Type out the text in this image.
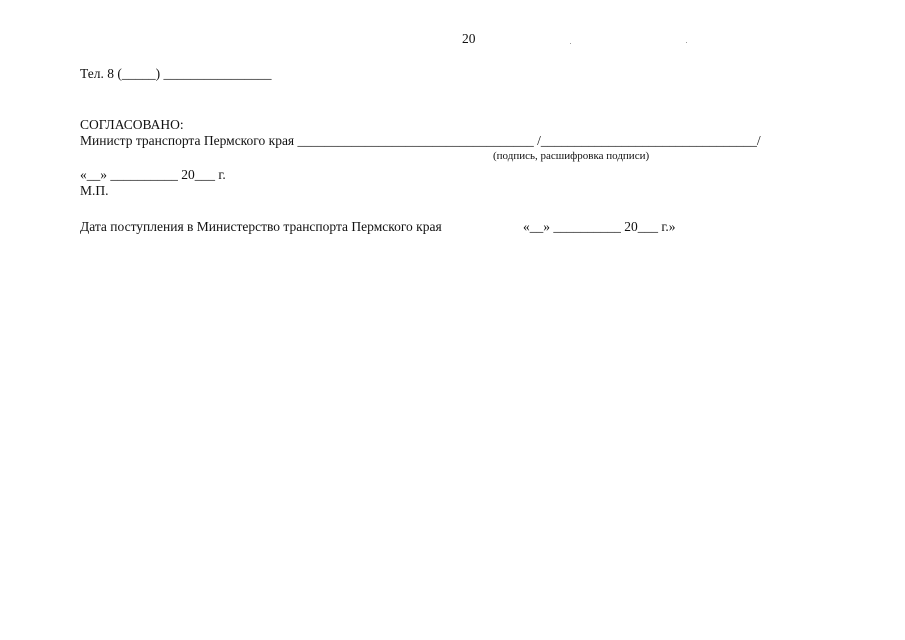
20
Тел. 8 (_____) ________________
СОГЛАСОВАНО:
Министр транспорта Пермского края ___________________________________ /________________________________/
(подпись, расшифровка подписи)
«__» __________ 20___ г.
М.П.
Дата поступления в Министерство транспорта Пермского края	«__» __________ 20___ г.»
